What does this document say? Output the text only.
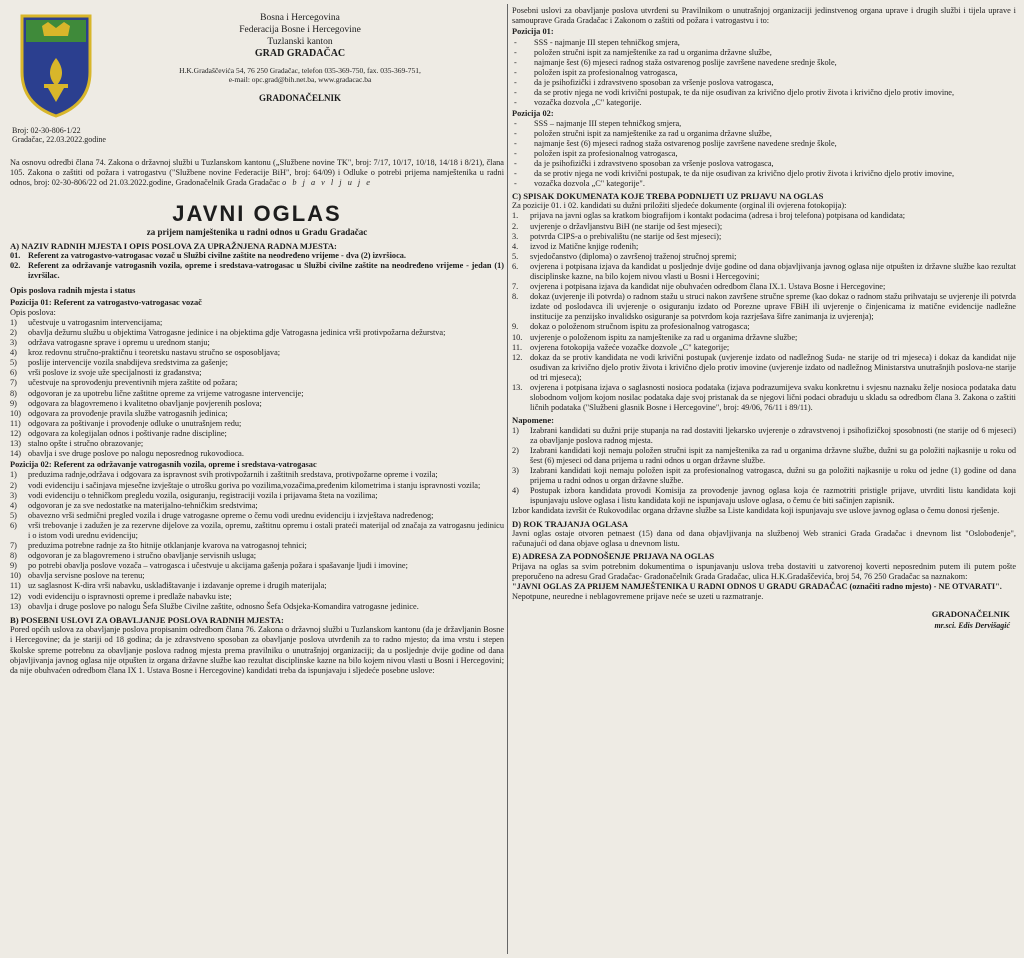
Bosna i Hercegovina
Federacija Bosne i Hercegovine
Tuzlanski kanton
GRAD GRADAČAC
H.K.Gradaščevića 54, 76 250 Gradačac, telefon 035-369-750, fax. 035-369-751,
e-mail: opc.grad@bih.net.ba, www.gradacac.ba
GRADONAČELNIK
Broj: 02-30-806-1/22
Gradačac, 22.03.2022.godine

Na osnovu odredbi člana 74. Zakona o državnoj službi u Tuzlanskom kantonu („Službene novine TK", broj: 7/17, 10/17, 10/18, 14/18 i 8/21), člana 105. Zakona o zaštiti od požara i vatrogastvu ("Službene novine Federacije BiH", broj: 64/09) i Odluke o potrebi prijema namještenika u radni odnos, broj: 02-30-806/22 od 21.03.2022.godine, Gradonačelnik Grada Gradačac o b j a v l j u j e

JAVNI OGLAS
za prijem namještenika u radni odnos u Gradu Gradačac
A) NAZIV RADNIH MJESTA I OPIS POSLOVA ZA UPRAŽNJENA RADNA MJESTA:
01. Referent za vatrogastvo-vatrogasac vozač u Službi civilne zaštite na neodređeno vrijeme - dva (2) izvršioca.
02. Referent za održavanje vatrogasnih vozila, opreme i sredstava-vatrogasac u Službi civilne zaštite na neodređeno vrijeme - jedan (1) izvršilac.
Opis poslova radnih mjesta i status
Pozicija 01: Referent za vatrogastvo-vatrogasac vozač

Opis poslova:

1)	učestvuje u vatrogasnim intervencijama;
2)	obavlja dežurnu službu u objektima Vatrogasne jedinice i na objektima gdje Vatrogasna jedinica vrši protivpožarna dežurstva;
3)	održava vatrogasne sprave i opremu u urednom stanju;
4)	kroz redovnu stručno-praktičnu i teoretsku nastavu stručno se osposobljava;
5)	poslije intervencije vozila snabdijeva sredstvima za gašenje;
6)	vrši poslove iz svoje uže specijalnosti iz građanstva;
7)	učestvuje na sprovođenju preventivnih mjera zaštite od požara;
8)	odgovoran je za upotrebu lične zaštitne opreme za vrijeme vatrogasne intervencije;
9)	odgovara za blagovremeno i kvalitetno obavljanje povjerenih poslova;
10) odgovara za provođenje pravila službe vatrogasnih jedinica;
11) odgovara za poštivanje i provođenje odluke o unutrašnjem redu;
12) odgovara za kolegijalan odnos i poštivanje radne discipline;
13) stalno opšte i stručno obrazovanje;
14) obavlja i sve druge poslove po nalogu neposrednog rukovodioca.
Pozicija 02: Referent za održavanje vatrogasnih vozila, opreme i sredstava-vatrogasac
1)	preduzima radnje,održava i odgovara za ispravnost svih protivpožarnih i zaštitnih sredstava, protivpožarne opreme i vozila;
2)	vodi evidenciju i sačinjava mjesečne izvještaje o utrošku goriva po vozilima,vozačima,pređenim kilometrima i stanju ispravnosti vozila;
3)	vodi evidenciju o tehničkom pregledu vozila, osiguranju, registraciji vozila i prijavama šteta na vozilima;
4)	odgovoran je za sve nedostatke na materijalno-tehničkim sredstvima;
5)	obavezno vrši sedmični pregled vozila i druge vatrogasne opreme o čemu vodi urednu evidenciju i izvještava nadređenog;
6)	vrši trebovanje i zadužen je za rezervne dijelove za vozila, opremu, zaštitnu opremu i ostali prateći materijal od značaja za vatrogasnu jedinicu i o istom vodi urednu evidenciju;
7)	preduzima potrebne radnje za što hitnije otklanjanje kvarova na vatrogasnoj tehnici;
8)	odgovoran je za blagovremeno i stručno obavljanje servisnih usluga;
9)	po potrebi obavlja poslove vozača – vatrogasca i učestvuje u akcijama gašenja požara i spašavanje ljudi i imovine;
10) obavlja servisne poslove na terenu;
11) uz saglasnost K-dira vrši nabavku, usklađištavanje i izdavanje opreme i drugih materijala;
12) vodi evidenciju o ispravnosti opreme i predlaže nabavku iste;
13) obavlja i druge poslove po nalogu Šefa Službe Civilne zaštite, odnosno Šefa Odsjeka-Komandira vatrogasne jedinice.
B) POSEBNI USLOVI ZA OBAVLJANJE POSLOVA RADNIH MJESTA:

Pored općih uslova za obavljanje poslova propisanim odredbom člana 76. Zakona o državnoj službi u Tuzlanskom kantonu (da je državljanin Bosne i Hercegovine; da je stariji od 18 godina; da je zdravstveno sposoban za obavljanje poslova utvrđenih za to radno mjesto; da ima vrstu i stepen školske spreme potrebnu za obavljanje poslova radnog mjesta prema pravilniku o unutrašnjoj organizaciji; da u posljednje dvije godine od dana objavljivanja javnog oglasa nije otpušten iz organa državne službe kao rezultat disciplinske kazne na bilo kojem nivou vlasti u Bosni i Hercegovini; da nije obuhvaćen odredbom člana IX 1. Ustava Bosne i Hercegovine) kandidati treba da ispunjavaju i sljedeće posebne uslove:

Posebni uslovi za obavljanje poslova utvrđeni su Pravilnikom o unutrašnjoj organizaciji jedinstvenog organa uprave i drugih službi i tijela uprave i samouprave Grada Gradačac i Zakonom o zaštiti od požara i vatrogastvu i to:

Pozicija 01:
- SSS - najmanje III stepen tehničkog smjera,
- položen stručni ispit za namještenike za rad u organima državne službe,
- najmanje šest (6) mjeseci radnog staža ostvarenog poslije završene navedene srednje škole,
- položen ispit za profesionalnog vatrogasca,
- da je psihofizički i zdravstveno sposoban za vršenje poslova vatrogasca,
- da se protiv njega ne vodi krivični postupak, te da nije osuđivan za krivično djelo protiv života i krivično djelo protiv imovine,
- vozačka dozvola „C" kategorije.
Pozicija 02:
- SSS – najmanje III stepen tehničkog smjera,
- položen stručni ispit za namještenike za rad u organima državne službe,
- najmanje šest (6) mjeseci radnog staža ostvarenog poslije završene navedene srednje škole,
- položen ispit za profesionalnog vatrogasca,
- da je psihofizički i zdravstveno sposoban za vršenje poslova vatrogasca,
- da se protiv njega ne vodi krivični postupak, te da nije osuđivan za krivično djelo protiv života i krivično djelo protiv imovine,
- vozačka dozvola „C" kategorije".
C) SPISAK DOKUMENATA KOJE TREBA PODNIJETI UZ PRIJAVU NA OGLAS

Za pozicije 01. i 02. kandidati su dužni priložiti sljedeće dokumente (orginal ili ovjerena fotokopija):

1.	prijava na javni oglas sa kratkom biografijom i kontakt podacima (adresa i broj telefona) potpisana od kandidata;
2.	uvjerenje o državljanstvu BiH (ne starije od šest mjeseci);
3.	potvrda CIPS-a o prebivalištu (ne starije od šest mjeseci);
4.	izvod iz Matične knjige rođenih;
5.	svjedočanstvo (diploma) o završenoj traženoj stručnoj spremi;
6.	ovjerena i potpisana izjava da kandidat u posljednje dvije godine od dana objavljivanja javnog oglasa nije otpušten iz državne službe kao rezultat disciplinske kazne, na bilo kojem nivou vlasti u Bosni i Hercegovini;
7.	ovjerena i potpisana izjava da kandidat nije obuhvaćen odredbom člana IX.1. Ustava Bosne i Hercegovine;
8.	dokaz (uvjerenje ili potvrda) o radnom stažu u struci nakon završene stručne spreme (kao dokaz o radnom stažu prihvataju se uvjerenje ili potvrda izdate od poslodavca ili uvjerenje o osiguranju izdato od Porezne uprave FBiH ili uvjerenje o činjenicama iz matične evidencije nadležne institucije za penzijsko invalidsko osiguranje sa potvrdom koja razrješava šifre zanimanja iz uvjerenja);
9.	dokaz o položenom stručnom ispitu za profesionalnog vatrogasca;
10. uvjerenje o položenom ispitu za namještenike za rad u organima državne službe;
11. ovjerena fotokopija važeće vozačke dozvole „C" kategorije;
12. dokaz da se protiv kandidata ne vodi krivični postupak (uvjerenje izdato od nadležnog Suda- ne starije od tri mjeseca) i dokaz da kandidat nije osuđivan za krivično djelo protiv života i krivično djelo protiv imovine (uvjerenje izdato od nadležnog Ministarstva unutrašnjih poslova-ne starije od tri mjeseca);
13. ovjerena i potpisana izjava o saglasnosti nosioca podataka (izjava podrazumijeva svaku konkretnu i svjesnu naznaku želje nosioca podataka datu slobodnom voljom kojom nosilac podataka daje svoj pristanak da se njegovi lični podaci obrađuju u skladu sa odredbom člana 3. Zakona o zaštiti ličnih podataka ("Službeni glasnik Bosne i Hercegovine", broj: 49/06, 76/11 i 89/11).
Napomene:
1)	Izabrani kandidati su dužni prije stupanja na rad dostaviti ljekarsko uvjerenje o zdravstvenoj i psihofizičkoj sposobnosti (ne starije od 6 mjeseci) za obavljanje poslova radnog mjesta.
2)	Izabrani kandidati koji nemaju položen stručni ispit za namještenika za rad u organima državne službe, dužni su ga položiti najkasnije u roku od šest (6) mjeseci od dana prijema u radni odnos u organ državne službe.
3)	Izabrani kandidati koji nemaju položen ispit za profesionalnog vatrogasca, dužni su ga položiti najkasnije u roku od jedne (1) godine od dana prijema u radni odnos u organ državne službe.
4)	Postupak izbora kandidata provodi Komisija za provođenje javnog oglasa koja će razmotriti pristigle prijave, utvrditi listu kandidata koji ispunjavaju uslove oglasa i listu kandidata koji ne ispunjavaju uslove oglasa, o čemu će biti sačinjen zapisnik.

Izbor kandidata izvršit će Rukovodilac organa državne službe sa Liste kandidata koji ispunjavaju sve uslove javnog oglasa o čemu donosi rješenje.

D) ROK TRAJANJA OGLASA

Javni oglas ostaje otvoren petnaest (15) dana od dana objavljivanja na službenoj Web stranici Grada Gradačac i dnevnom list "Oslobođenje", računajući od dana objave oglasa u dnevnom listu.

E) ADRESA ZA PODNOŠENJE PRIJAVA NA OGLAS

Prijava na oglas sa svim potrebnim dokumentima o ispunjavanju uslova treba dostaviti u zatvorenoj koverti neposrednim putem ili putem pošte preporučeno na adresu Grad Gradačac- Gradonačelnik Grada Gradačac, ulica H.K.Gradaščevića, broj 54, 76 250 Gradačac sa naznakom:

"JAVNI OGLAS ZA PRIJEM NAMJEŠTENIKA U RADNI ODNOS U GRADU GRADAČAC (označiti radno mjesto) - NE OTVARATI".

Nepotpune, neuredne i neblagovremene prijave neće se uzeti u razmatranje.

GRADONAČELNIK
mr.sci. Edis Dervišagić
